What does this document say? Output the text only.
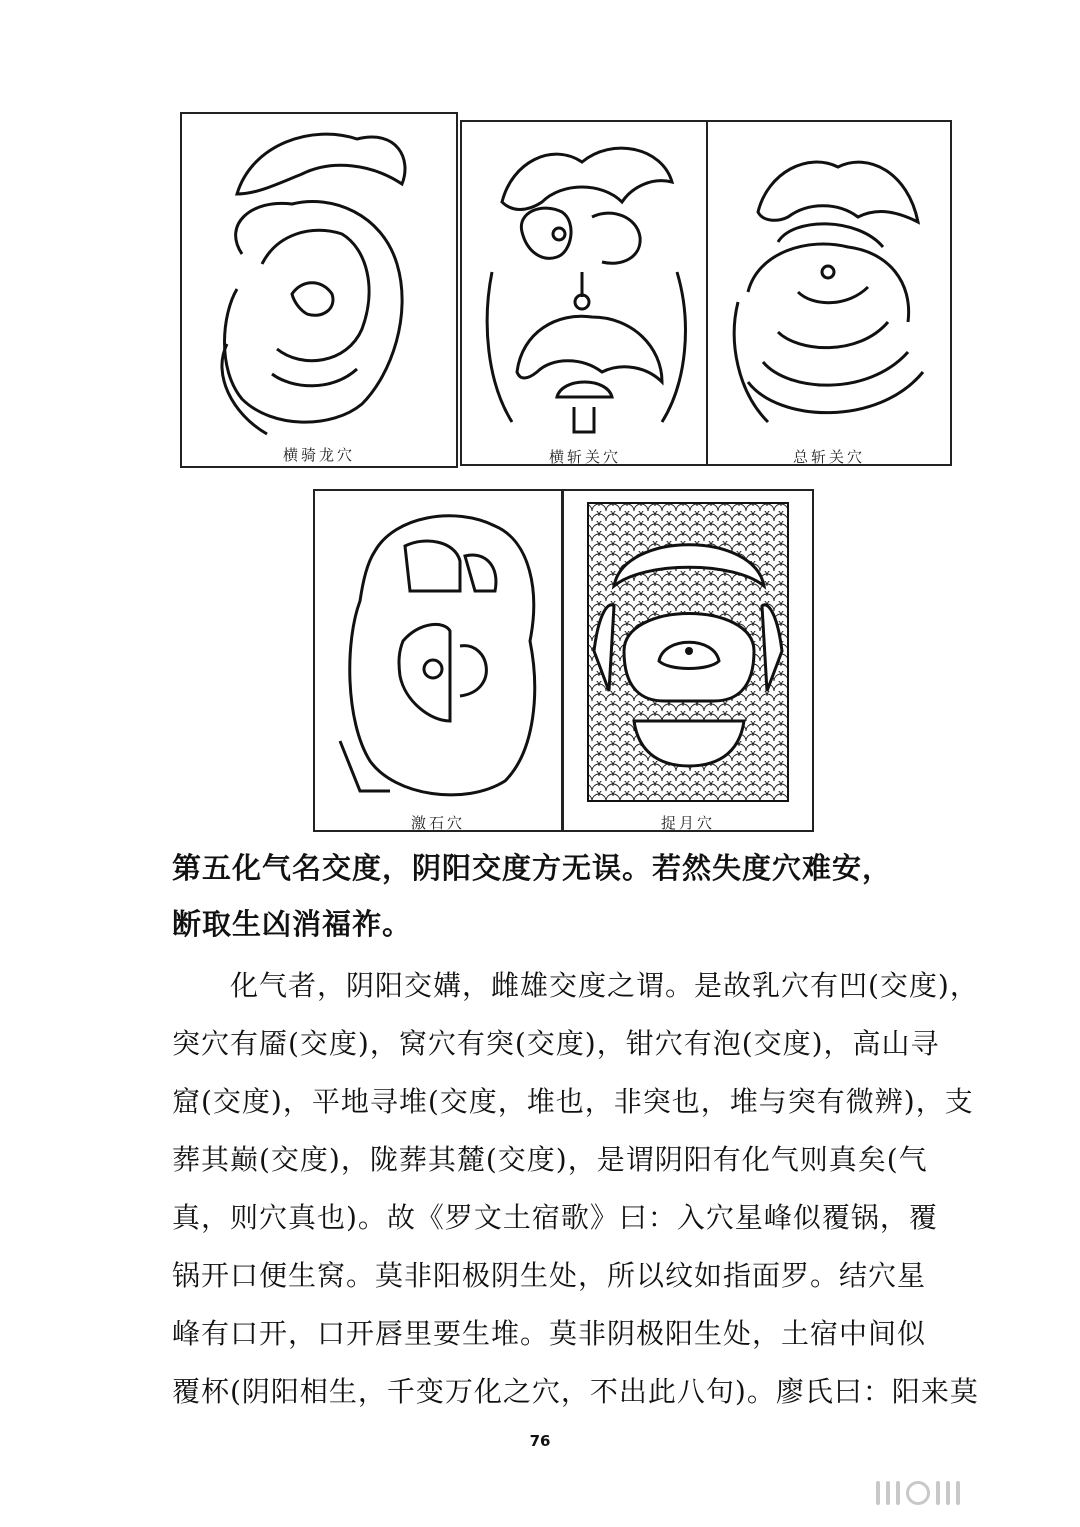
横骑龙穴	横斩关穴	总斩关穴
激石穴	捉月穴
第五化气名交度，阴阳交度方无误。若然失度穴难安，
断取生凶消福祚。
　　化气者，阴阳交媾，雌雄交度之谓。是故乳穴有凹(交度)，
突穴有靥(交度)，窝穴有突(交度)，钳穴有泡(交度)，高山寻
窟(交度)，平地寻堆(交度，堆也，非突也，堆与突有微辨)，支
葬其巅(交度)，陇葬其麓(交度)，是谓阴阳有化气则真矣(气
真，则穴真也)。故《罗文土宿歌》曰：入穴星峰似覆锅，覆
锅开口便生窝。莫非阳极阴生处，所以纹如指面罗。结穴星
峰有口开，口开唇里要生堆。莫非阴极阳生处，土宿中间似
覆杯(阴阳相生，千变万化之穴，不出此八句)。廖氏曰：阳来莫
76
